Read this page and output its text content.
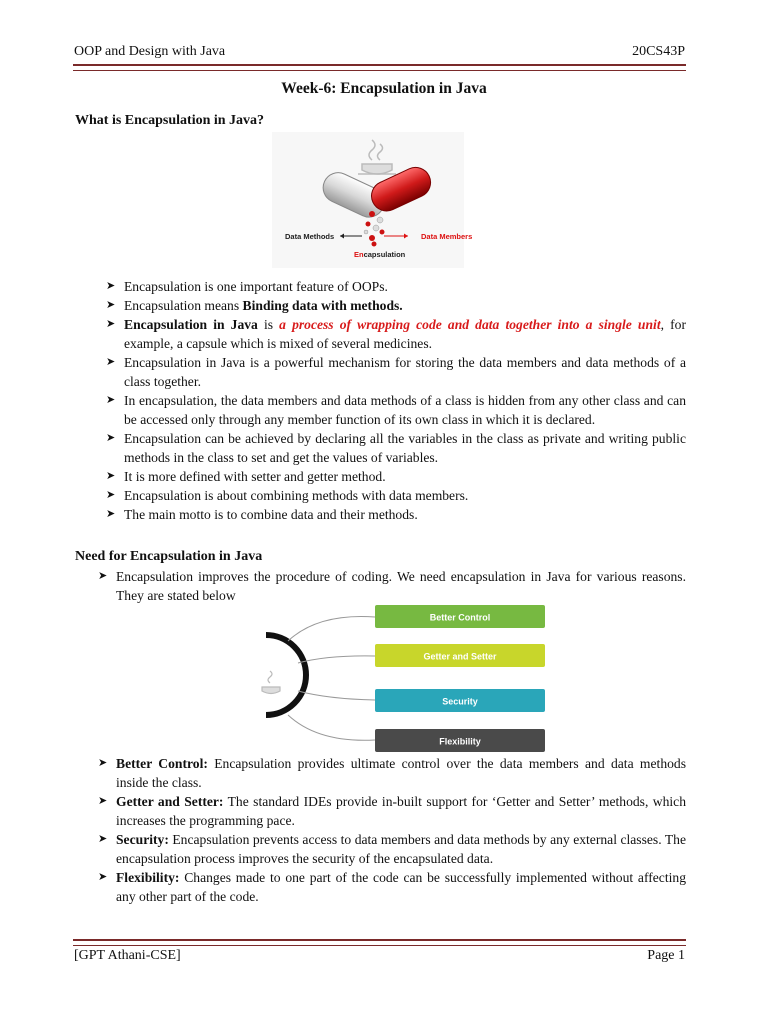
OOP and Design with Java	20CS43P
Week-6: Encapsulation in Java
What is Encapsulation in Java?
Data Methods	Data Members
Encapsulation
➤ Encapsulation is one important feature of OOPs.
➤ Encapsulation means Binding data with methods.
➤ Encapsulation in Java is a process of wrapping code and data together into a single unit, for example, a capsule which is mixed of several medicines.
➤ Encapsulation in Java is a powerful mechanism for storing the data members and data methods of a class together.
➤ In encapsulation, the data members and data methods of a class is hidden from any other class and can be accessed only through any member function of its own class in which it is declared.
➤ Encapsulation can be achieved by declaring all the variables in the class as private and writing public methods in the class to set and get the values of variables.
➤ It is more defined with setter and getter method.
➤ Encapsulation is about combining methods with data members.
➤ The main motto is to combine data and their methods.
Need for Encapsulation in Java
➤ Encapsulation improves the procedure of coding. We need encapsulation in Java for various reasons. They are stated below
Better Control
Getter and Setter
Security
Flexibility
➤ Better Control: Encapsulation provides ultimate control over the data members and data methods inside the class.
➤ Getter and Setter: The standard IDEs provide in-built support for ‘Getter and Setter’ methods, which increases the programming pace.
➤ Security: Encapsulation prevents access to data members and data methods by any external classes. The encapsulation process improves the security of the encapsulated data.
➤ Flexibility: Changes made to one part of the code can be successfully implemented without affecting any other part of the code.
[GPT Athani-CSE]	Page 1
